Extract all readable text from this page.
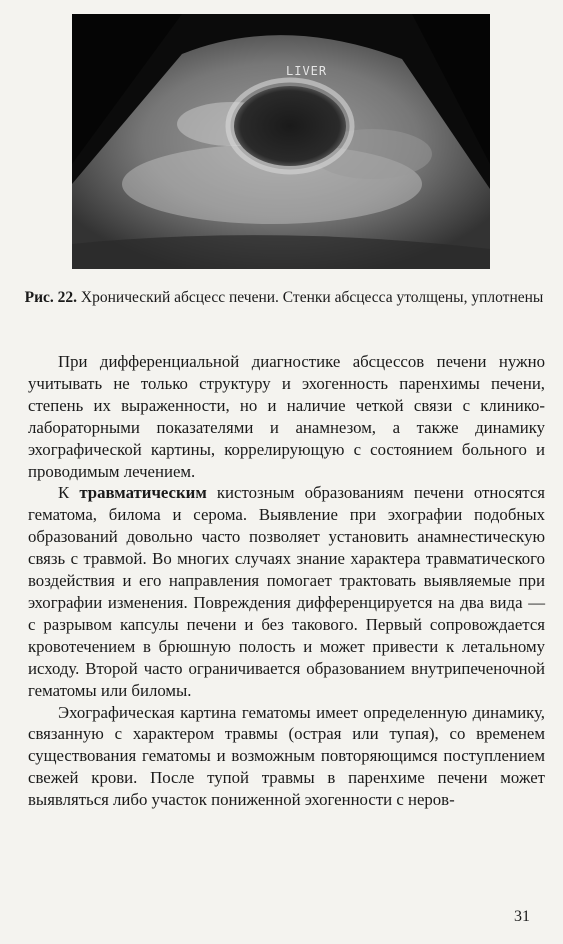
LIVER
Рис. 22. Хронический абсцесс печени. Стенки абсцесса утолщены, уплотнены

При дифференциальной диагностике абсцессов печени нужно учитывать не только структуру и эхогенность паренхимы печени, степень их выраженности, но и наличие четкой связи с клинико-лабораторными показателями и анамнезом, а также динамику эхографической картины, коррелирующую с состоянием больного и проводимым лечением.

К травматическим кистозным образованиям печени относятся гематома, билома и серома. Выявление при эхографии подобных образований довольно часто позволяет установить анамнестическую связь с травмой. Во многих случаях знание характера травматического воздействия и его направления помогает трактовать выявляемые при эхографии изменения. Повреждения дифференцируется на два вида — с разрывом капсулы печени и без такового. Первый сопровождается кровотечением в брюшную полость и может привести к летальному исходу. Второй часто ограничивается образованием внутрипеченочной гематомы или биломы.

Эхографическая картина гематомы имеет определенную динамику, связанную с характером травмы (острая или тупая), со временем существования гематомы и возможным повторяющимся поступлением свежей крови. После тупой травмы в паренхиме печени может выявляться либо участок пониженной эхогенности с неров-

31
